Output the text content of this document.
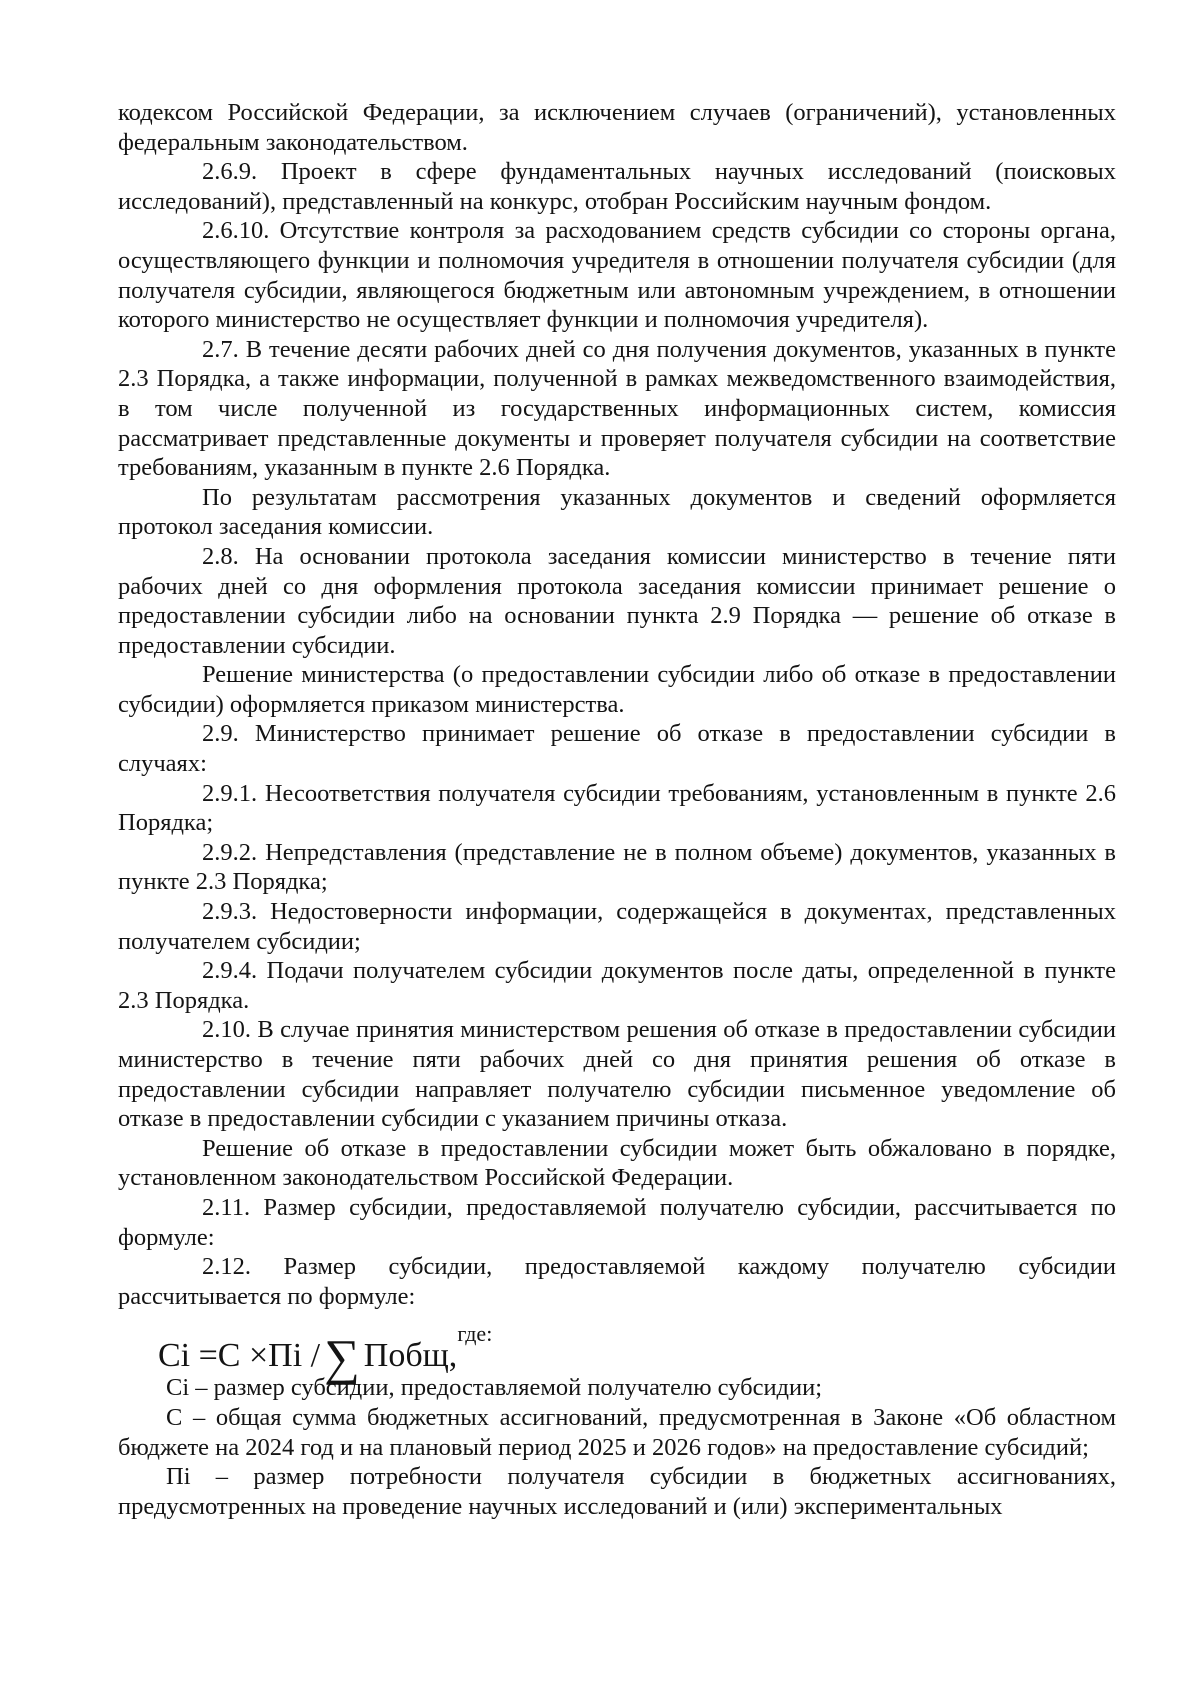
кодексом Российской Федерации, за исключением случаев (ограничений), установленных федеральным законодательством.

2.6.9. Проект в сфере фундаментальных научных исследований (поисковых исследований), представленный на конкурс, отобран Российским научным фондом.

2.6.10. Отсутствие контроля за расходованием средств субсидии со стороны органа, осуществляющего функции и полномочия учредителя в отношении получателя субсидии (для получателя субсидии, являющегося бюджетным или автономным учреждением, в отношении которого министерство не осуществляет функции и полномочия учредителя).

2.7. В течение десяти рабочих дней со дня получения документов, указанных в пункте 2.3 Порядка, а также информации, полученной в рамках межведомственного взаимодействия, в том числе полученной из государственных информационных систем, комиссия рассматривает представленные документы и проверяет получателя субсидии на соответствие требованиям, указанным в пункте 2.6 Порядка.

По результатам рассмотрения указанных документов и сведений оформляется протокол заседания комиссии.

2.8. На основании протокола заседания комиссии министерство в течение пяти рабочих дней со дня оформления протокола заседания комиссии принимает решение о предоставлении субсидии либо на основании пункта 2.9 Порядка — решение об отказе в предоставлении субсидии.

Решение министерства (о предоставлении субсидии либо об отказе в предоставлении субсидии) оформляется приказом министерства.

2.9. Министерство принимает решение об отказе в предоставлении субсидии в случаях:

2.9.1. Несоответствия получателя субсидии требованиям, установленным в пункте 2.6 Порядка;

2.9.2. Непредставления (представление не в полном объеме) документов, указанных в пункте 2.3 Порядка;

2.9.3. Недостоверности информации, содержащейся в документах, представленных получателем субсидии;

2.9.4. Подачи получателем субсидии документов после даты, определенной в пункте 2.3 Порядка.

2.10. В случае принятия министерством решения об отказе в предоставлении субсидии министерство в течение пяти рабочих дней со дня принятия решения об отказе в предоставлении субсидии направляет получателю субсидии письменное уведомление об отказе в предоставлении субсидии с указанием причины отказа.

Решение об отказе в предоставлении субсидии может быть обжаловано в порядке, установленном законодательством Российской Федерации.

2.11. Размер субсидии, предоставляемой получателю субсидии, рассчитывается по формуле:

2.12. Размер субсидии, предоставляемой каждому получателю субсидии рассчитывается по формуле:

Ci =C ×Пi / ∑ Побщ,
где:

Ci – размер субсидии, предоставляемой получателю субсидии;

C – общая сумма бюджетных ассигнований, предусмотренная в Законе «Об областном бюджете на 2024 год и на плановый период 2025 и 2026 годов» на предоставление субсидий;

Пi – размер потребности получателя субсидии в бюджетных ассигнованиях, предусмотренных на проведение научных исследований и (или) экспериментальных
